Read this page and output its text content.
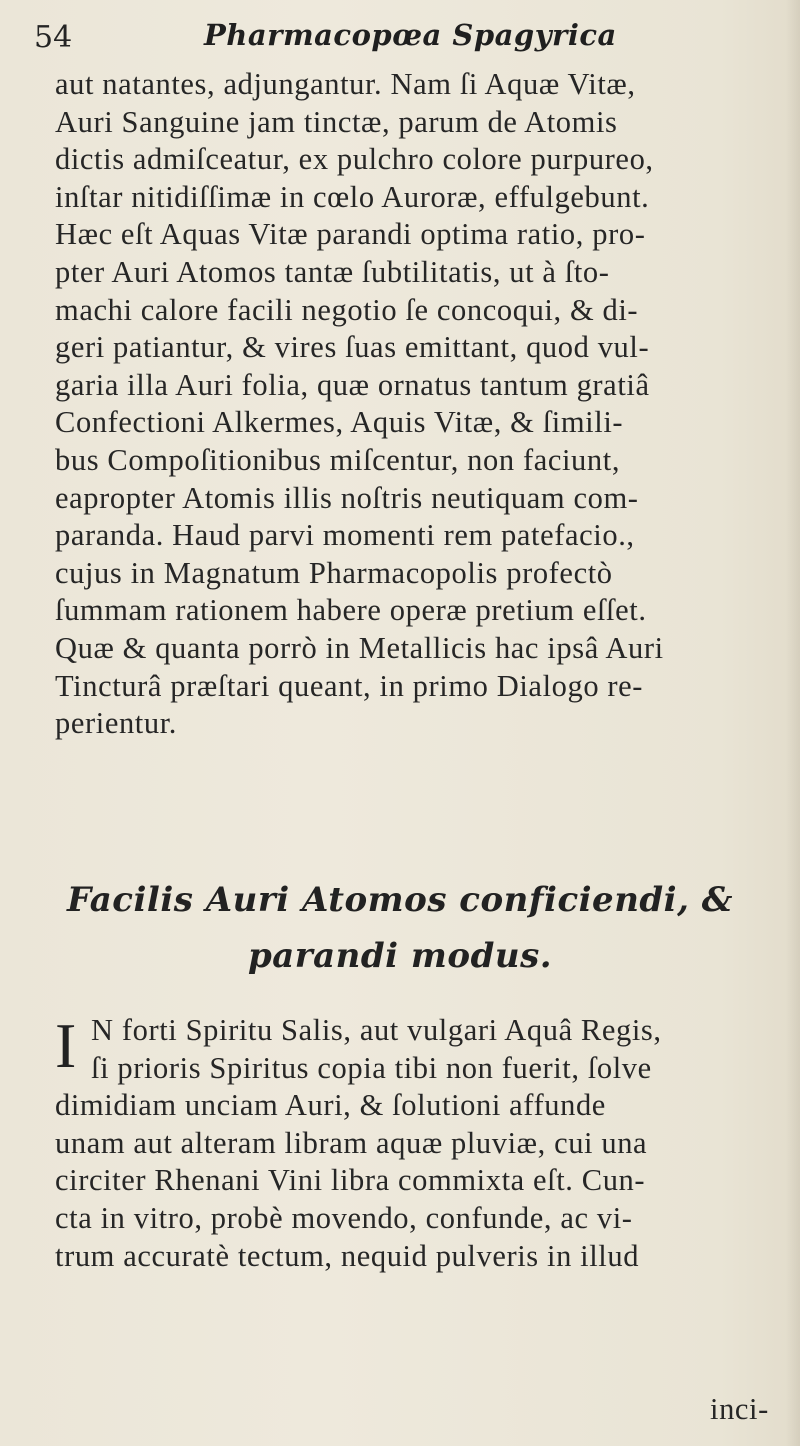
54	Pharmacopœa Spagyrica
aut natantes, adjungantur. Nam ſi Aquæ Vitæ,
Auri Sanguine jam tinctæ, parum de Atomis
dictis admiſceatur, ex pulchro colore purpureo,
inſtar nitidiſſimæ in cœlo Auroræ, effulgebunt.
Hæc eſt Aquas Vitæ parandi optima ratio, pro-
pter Auri Atomos tantæ ſubtilitatis, ut à ſto-
machi calore facili negotio ſe concoqui, & di-
geri patiantur, & vires ſuas emittant, quod vul-
garia illa Auri folia, quæ ornatus tantum gratiâ
Confectioni Alkermes, Aquis Vitæ, & ſimili-
bus Compoſitionibus miſcentur, non faciunt,
eapropter Atomis illis noſtris neutiquam com-
paranda. Haud parvi momenti rem patefacio.,
cujus in Magnatum Pharmacopolis profectò
ſummam rationem habere operæ pretium eſſet.
Quæ & quanta porrò in Metallicis hac ipsâ Auri
Tincturâ præſtari queant, in primo Dialogo re-
perientur.
Facilis Auri Atomos conficiendi, &
parandi modus.
I N forti Spiritu Salis, aut vulgari Aquâ Regis,
ſi prioris Spiritus copia tibi non fuerit, ſolve
dimidiam unciam Auri, & ſolutioni affunde
unam aut alteram libram aquæ pluviæ, cui una
circiter Rhenani Vini libra commixta eſt. Cun-
cta in vitro, probè movendo, confunde, ac vi-
trum accuratè tectum, nequid pulveris in illud
inci-
